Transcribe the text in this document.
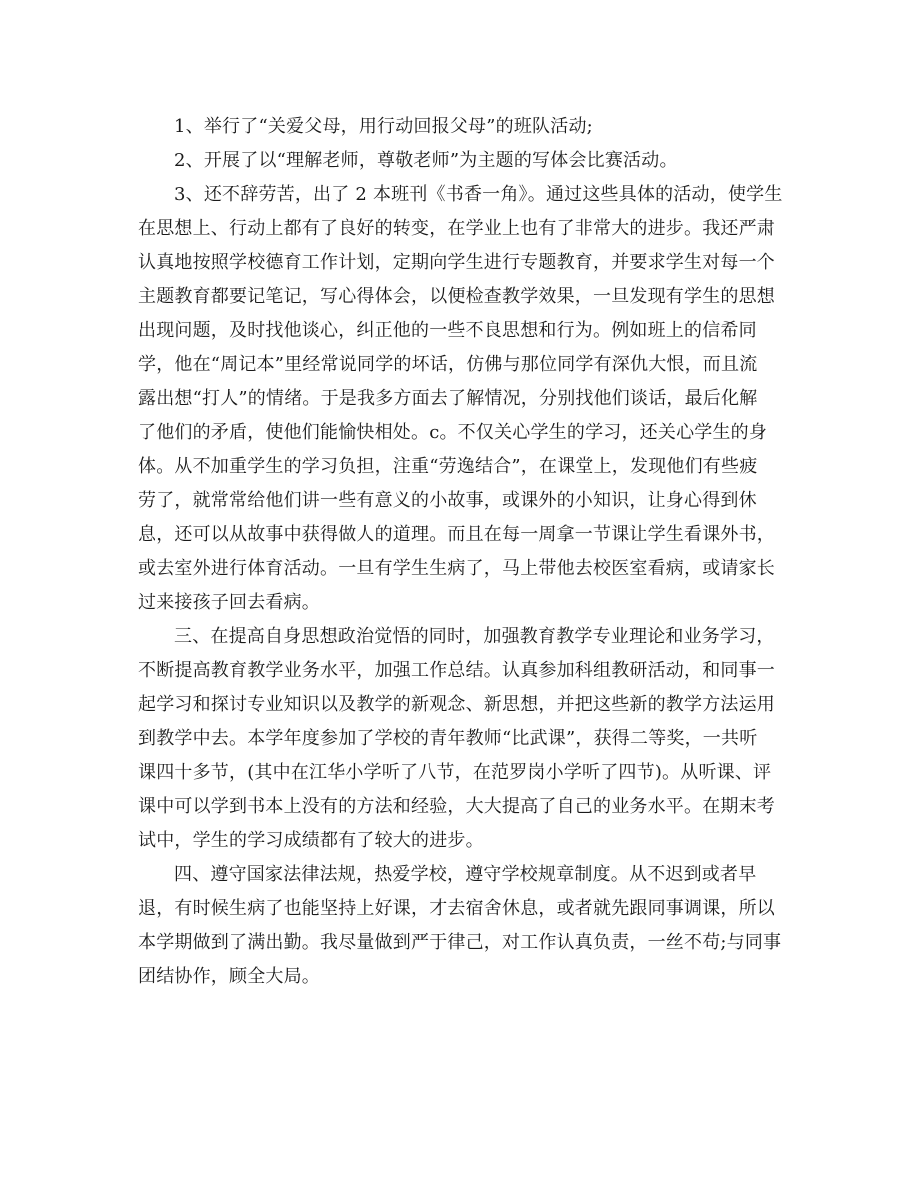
1、举行了“关爱父母，用行动回报父母”的班队活动;
2、开展了以“理解老师，尊敬老师”为主题的写体会比赛活动。
3、还不辞劳苦，出了 2 本班刊《书香一角》。通过这些具体的活动，使学生
在思想上、行动上都有了良好的转变，在学业上也有了非常大的进步。我还严肃
认真地按照学校德育工作计划，定期向学生进行专题教育，并要求学生对每一个
主题教育都要记笔记，写心得体会，以便检查教学效果，一旦发现有学生的思想
出现问题，及时找他谈心，纠正他的一些不良思想和行为。例如班上的信希同
学，他在“周记本”里经常说同学的坏话，仿佛与那位同学有深仇大恨，而且流
露出想“打人”的情绪。于是我多方面去了解情况，分别找他们谈话，最后化解
了他们的矛盾，使他们能愉快相处。c。不仅关心学生的学习，还关心学生的身
体。从不加重学生的学习负担，注重“劳逸结合”，在课堂上，发现他们有些疲
劳了，就常常给他们讲一些有意义的小故事，或课外的小知识，让身心得到休
息，还可以从故事中获得做人的道理。而且在每一周拿一节课让学生看课外书，
或去室外进行体育活动。一旦有学生生病了，马上带他去校医室看病，或请家长
过来接孩子回去看病。
三、在提高自身思想政治觉悟的同时，加强教育教学专业理论和业务学习，
不断提高教育教学业务水平，加强工作总结。认真参加科组教研活动，和同事一
起学习和探讨专业知识以及教学的新观念、新思想，并把这些新的教学方法运用
到教学中去。本学年度参加了学校的青年教师“比武课”，获得二等奖，一共听
课四十多节，(其中在江华小学听了八节，在范罗岗小学听了四节)。从听课、评
课中可以学到书本上没有的方法和经验，大大提高了自己的业务水平。在期末考
试中，学生的学习成绩都有了较大的进步。
四、遵守国家法律法规，热爱学校，遵守学校规章制度。从不迟到或者早
退，有时候生病了也能坚持上好课，才去宿舍休息，或者就先跟同事调课，所以
本学期做到了满出勤。我尽量做到严于律己，对工作认真负责，一丝不苟;与同事
团结协作，顾全大局。
